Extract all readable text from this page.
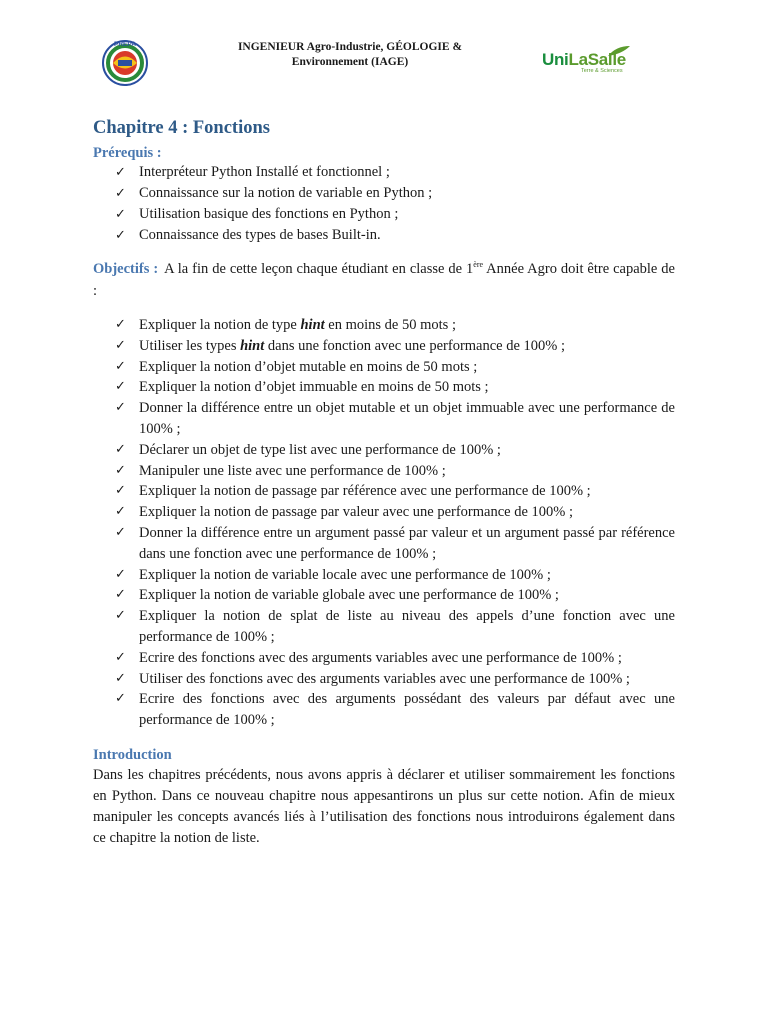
PREPA	INGENIEUR Agro-Industrie, GÉOLOGIE &
Environnement (IAGE)	UniLaSalle
Terre & Sciences
Chapitre 4 : Fonctions
Prérequis :
✓ Interpréteur Python Installé et fonctionnel ;
✓ Connaissance sur la notion de variable en Python ;
✓ Utilisation basique des fonctions en Python ;
✓ Connaissance des types de bases Built-in.
Objectifs : A la fin de cette leçon chaque étudiant en classe de 1ère Année Agro doit être capable de :
✓ Expliquer la notion de type hint en moins de 50 mots ;
✓ Utiliser les types hint dans une fonction avec une performance de 100% ;
✓ Expliquer la notion d’objet mutable en moins de 50 mots ;
✓ Expliquer la notion d’objet immuable en moins de 50 mots ;
✓ Donner la différence entre un objet mutable et un objet immuable avec une performance de 100% ;
✓ Déclarer un objet de type list avec une performance de 100% ;
✓ Manipuler une liste avec une performance de 100% ;
✓ Expliquer la notion de passage par référence avec une performance de 100% ;
✓ Expliquer la notion de passage par valeur avec une performance de 100% ;
✓ Donner la différence entre un argument passé par valeur et un argument passé par référence dans une fonction avec une performance de 100% ;
✓ Expliquer la notion de variable locale avec une performance de 100% ;
✓ Expliquer la notion de variable globale avec une performance de 100% ;
✓ Expliquer la notion de splat de liste au niveau des appels d’une fonction avec une performance de 100% ;
✓ Ecrire des fonctions avec des arguments variables avec une performance de 100% ;
✓ Utiliser des fonctions avec des arguments variables avec une performance de 100% ;
✓ Ecrire des fonctions avec des arguments possédant des valeurs par défaut avec une performance de 100% ;
Introduction

Dans les chapitres précédents, nous avons appris à déclarer et utiliser sommairement les fonctions en Python. Dans ce nouveau chapitre nous appesantirons un plus sur cette notion. Afin de mieux manipuler les concepts avancés liés à l’utilisation des fonctions nous introduirons également dans ce chapitre la notion de liste.
